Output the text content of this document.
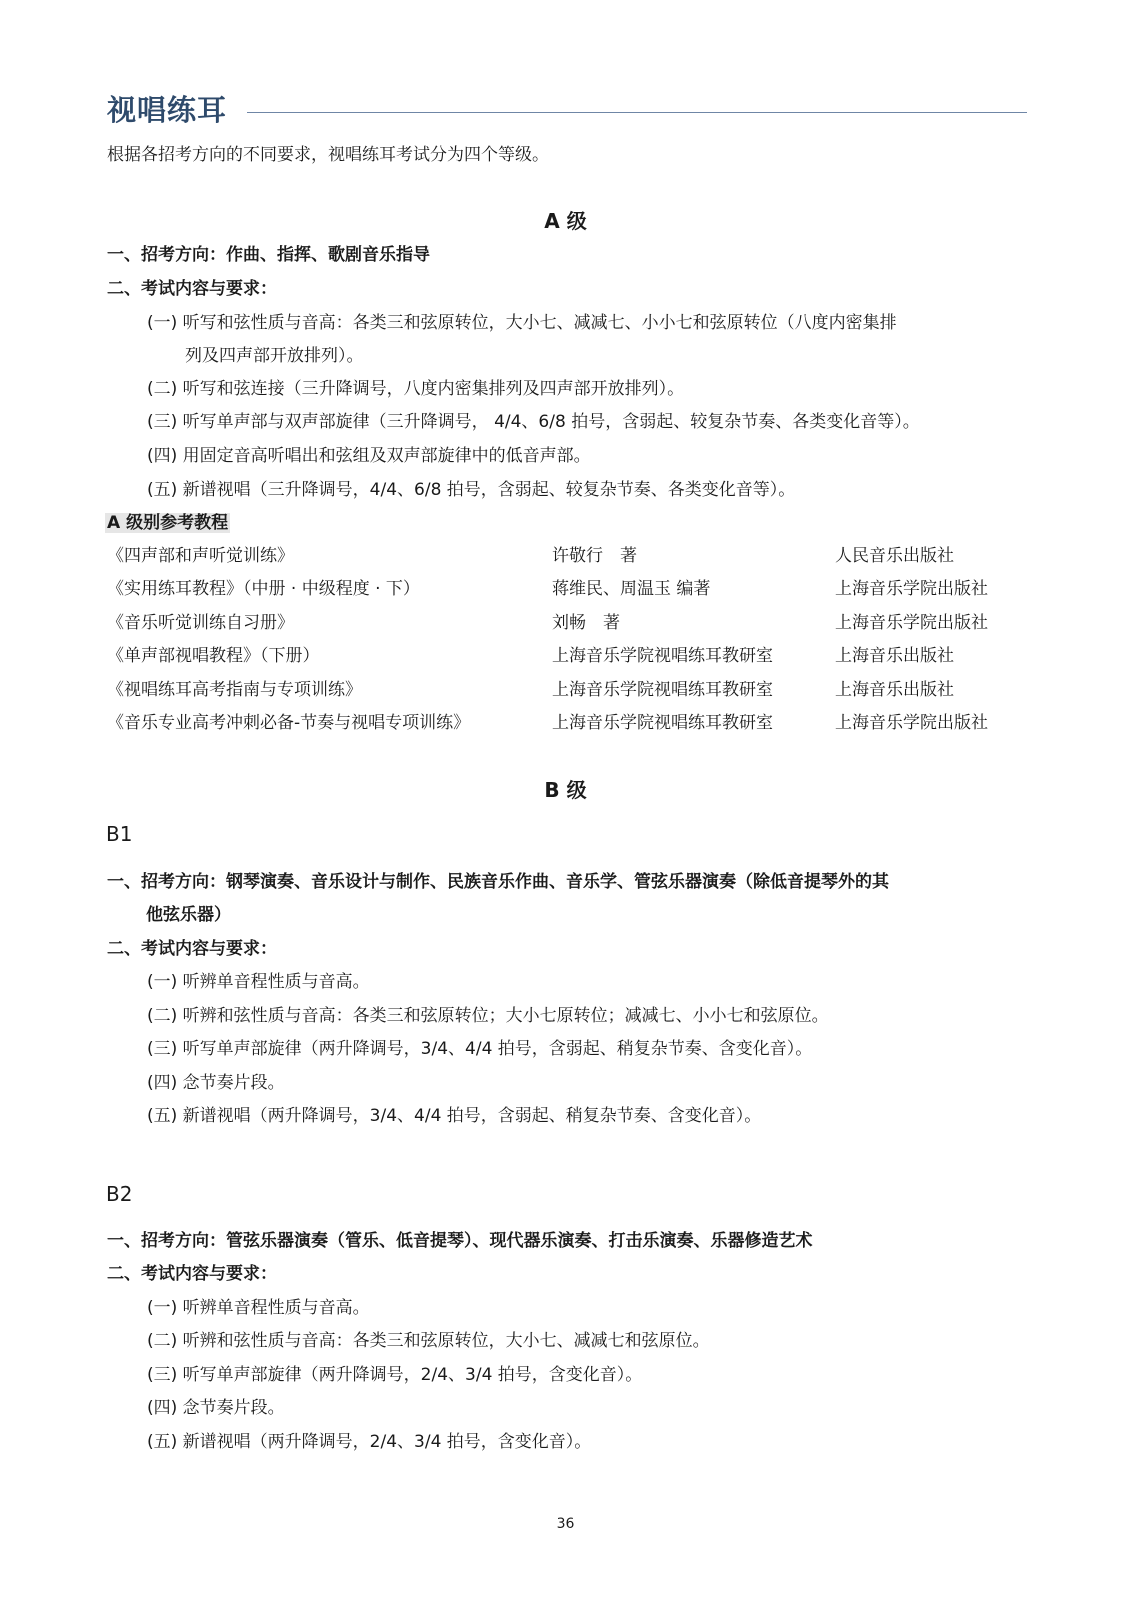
视唱练耳
根据各招考方向的不同要求，视唱练耳考试分为四个等级。
A 级
一、招考方向：作曲、指挥、歌剧音乐指导
二、考试内容与要求：
(一) 听写和弦性质与音高：各类三和弦原转位，大小七、减减七、小小七和弦原转位（八度内密集排
列及四声部开放排列）。
(二) 听写和弦连接（三升降调号，八度内密集排列及四声部开放排列）。
(三) 听写单声部与双声部旋律（三升降调号， 4/4、6/8 拍号，含弱起、较复杂节奏、各类变化音等）。
(四) 用固定音高听唱出和弦组及双声部旋律中的低音声部。
(五) 新谱视唱（三升降调号，4/4、6/8 拍号，含弱起、较复杂节奏、各类变化音等）。
A 级别参考教程
《四声部和声听觉训练》	许敬行　著	人民音乐出版社
《实用练耳教程》（中册 · 中级程度 · 下）	蒋维民、周温玉 编著	上海音乐学院出版社
《音乐听觉训练自习册》	刘畅　著	上海音乐学院出版社
《单声部视唱教程》（下册）	上海音乐学院视唱练耳教研室	上海音乐出版社
《视唱练耳高考指南与专项训练》	上海音乐学院视唱练耳教研室	上海音乐出版社
《音乐专业高考冲刺必备-节奏与视唱专项训练》	上海音乐学院视唱练耳教研室	上海音乐学院出版社
B 级
B1
一、招考方向：钢琴演奏、音乐设计与制作、民族音乐作曲、音乐学、管弦乐器演奏（除低音提琴外的其
他弦乐器）
二、考试内容与要求：
(一) 听辨单音程性质与音高。
(二) 听辨和弦性质与音高：各类三和弦原转位；大小七原转位；减减七、小小七和弦原位。
(三) 听写单声部旋律（两升降调号，3/4、4/4 拍号，含弱起、稍复杂节奏、含变化音）。
(四) 念节奏片段。
(五) 新谱视唱（两升降调号，3/4、4/4 拍号，含弱起、稍复杂节奏、含变化音）。
B2
一、招考方向：管弦乐器演奏（管乐、低音提琴）、现代器乐演奏、打击乐演奏、乐器修造艺术
二、考试内容与要求：
(一) 听辨单音程性质与音高。
(二) 听辨和弦性质与音高：各类三和弦原转位，大小七、减减七和弦原位。
(三) 听写单声部旋律（两升降调号，2/4、3/4 拍号，含变化音）。
(四) 念节奏片段。
(五) 新谱视唱（两升降调号，2/4、3/4 拍号，含变化音）。
36
